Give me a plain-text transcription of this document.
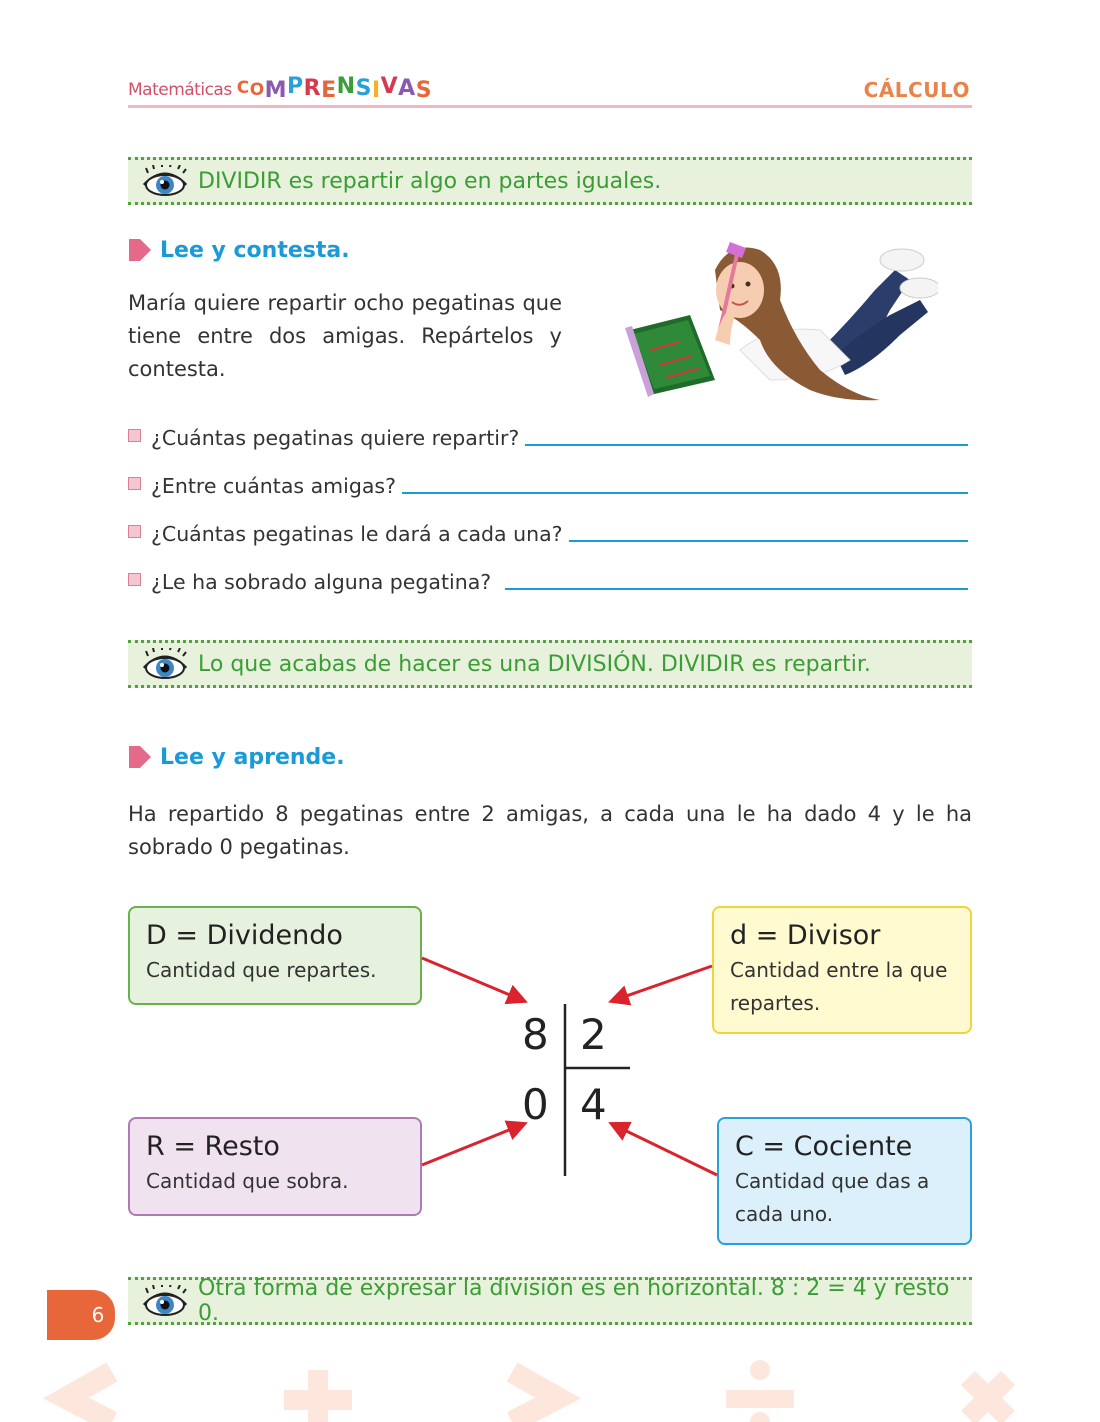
Matemáticas COMPRENSIVAS	CÁLCULO
DIVIDIR es repartir algo en partes iguales.
Lee y contesta.
María quiere repartir ocho pegatinas que tiene entre dos amigas. Repártelos y contesta.
¿Cuántas pegatinas quiere repartir?
¿Entre cuántas amigas?
¿Cuántas pegatinas le dará a cada una?
¿Le ha sobrado alguna pegatina?
Lo que acabas de hacer es una DIVISIÓN. DIVIDIR es repartir.
Lee y aprende.
Ha repartido 8 pegatinas entre 2 amigas, a cada una le ha dado 4 y le ha sobrado 0 pegatinas.
D = Dividendo
Cantidad que repartes.
d = Divisor
Cantidad entre la que repartes.
R = Resto
Cantidad que sobra.
C = Cociente
Cantidad que das a cada uno.
8 2
0 4
6
Otra forma de expresar la división es en horizontal. 8 : 2 = 4 y resto 0.
